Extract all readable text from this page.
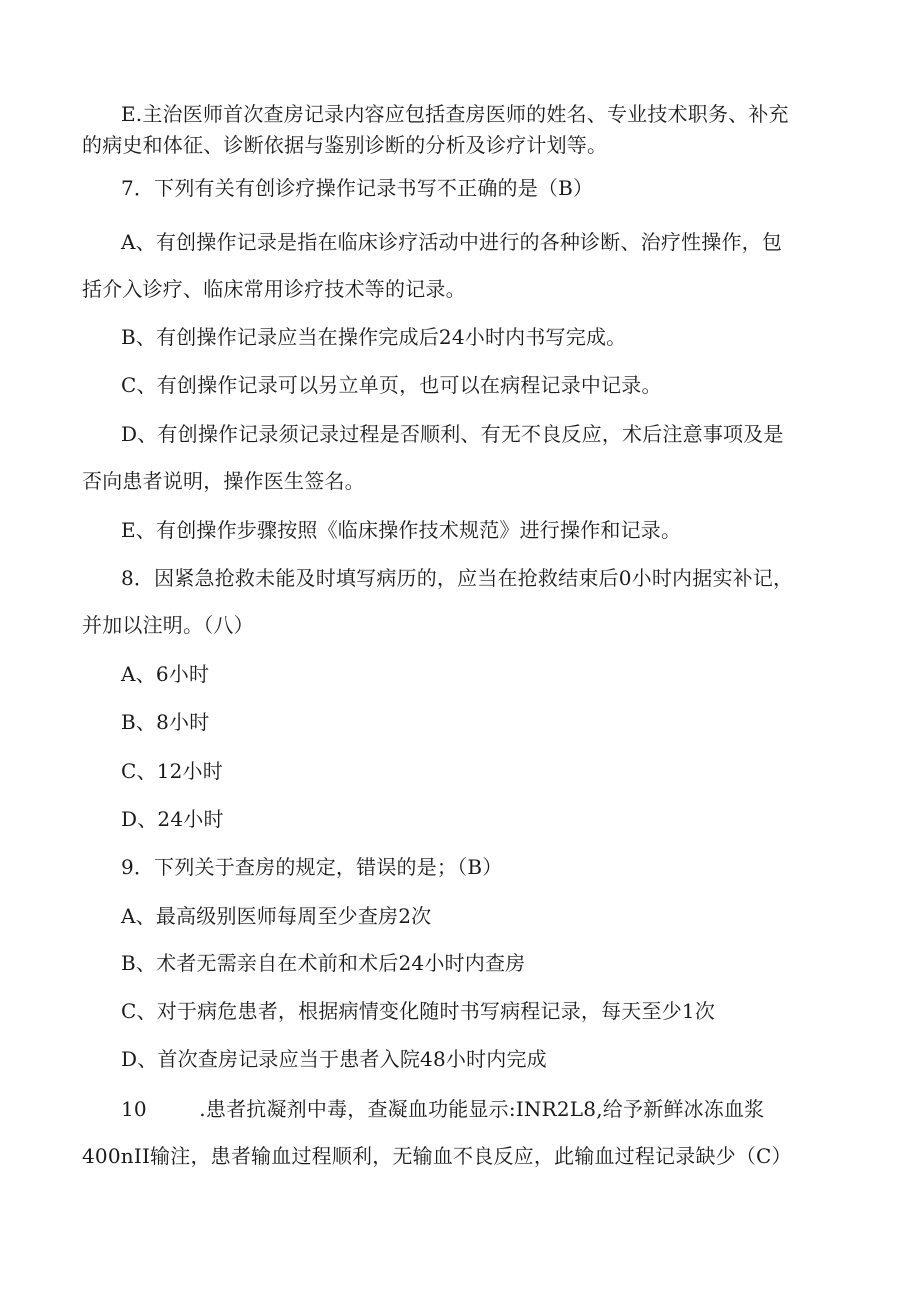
E.主治医师首次查房记录内容应包括查房医师的姓名、专业技术职务、补充
的病史和体征、诊断依据与鉴别诊断的分析及诊疗计划等。
7．下列有关有创诊疗操作记录书写不正确的是（B）
A、有创操作记录是指在临床诊疗活动中进行的各种诊断、治疗性操作，包
括介入诊疗、临床常用诊疗技术等的记录。
B、有创操作记录应当在操作完成后24小时内书写完成。
C、有创操作记录可以另立单页，也可以在病程记录中记录。
D、有创操作记录须记录过程是否顺利、有无不良反应，术后注意事项及是
否向患者说明，操作医生签名。
E、有创操作步骤按照《临床操作技术规范》进行操作和记录。
8．因紧急抢救未能及时填写病历的，应当在抢救结束后0小时内据实补记，
并加以注明。（八）
A、6小时
B、8小时
C、12小时
D、24小时
9．下列关于查房的规定，错误的是；（B）
A、最高级别医师每周至少查房2次
B、术者无需亲自在术前和术后24小时内查房
C、对于病危患者，根据病情变化随时书写病程记录，每天至少1次
D、首次查房记录应当于患者入院48小时内完成
10        .患者抗凝剂中毒，查凝血功能显示:INR2L8,给予新鲜冰冻血浆
400nII输注，患者输血过程顺利，无输血不良反应，此输血过程记录缺少（C）
